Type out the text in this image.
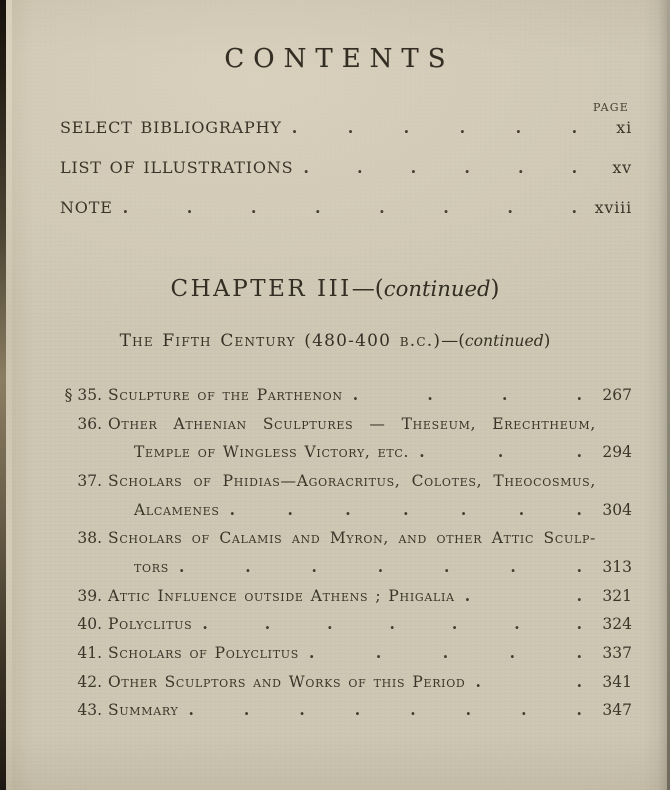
CONTENTS
PAGE
SELECT BIBLIOGRAPHY .	.	.	.	.	.	xi
LIST OF ILLUSTRATIONS .	.	.	.	.	.	xv
NOTE .	.	.	.	.	.	.	. xviii
CHAPTER III—(continued)
The Fifth Century (480-400 b.c.)—(continued)
§ 35. Sculpture of the Parthenon .	.	.	.	267
36. Other Athenian Sculptures — Theseum, Erechtheum,
Temple of Wingless Victory, etc. .	.	.	294
37. Scholars of Phidias—Agoracritus, Colotes, Theocosmus,
Alcamenes .	.	.	.	.	.	.	304
38. Scholars of Calamis and Myron, and other Attic Sculp-
tors .	.	.	.	.	.	.	313
39. Attic Influence outside Athens ; Phigalia .	.	321
40. Polyclitus .	.	.	.	.	.	.	324
41. Scholars of Polyclitus .	.	.	.	.	337
42. Other Sculptors and Works of this Period .	.	341
43. Summary .	.	.	.	.	.	.	.	347
